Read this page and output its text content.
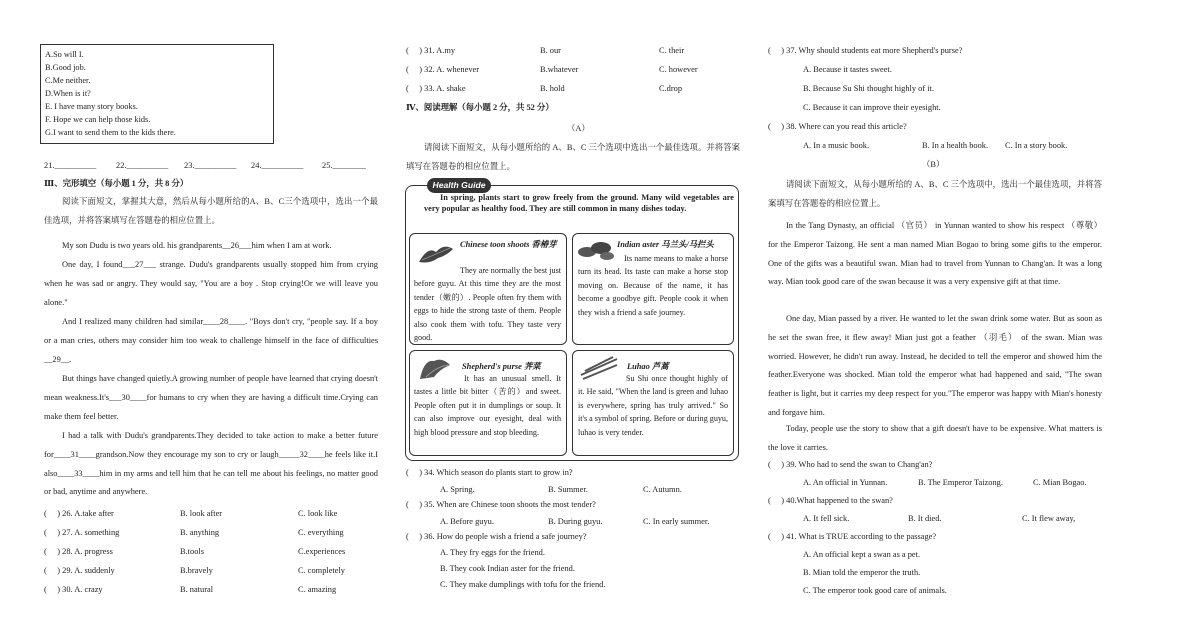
A.So will I.
B.Good job.
C.Me neither.
D.When is it?
E. I have many story books.
F. Hope we can help those kids.
G.I want to send them to the kids there.
21.__________ 22.__________ 23.__________ 24.__________ 25.________
Ⅲ、完形填空（每小题 1 分，共 8 分）
阅读下面短文，掌握其大意，然后从每小题所给的A、B、C三个选项中，选出一个最佳选项，并将答案填写在答题卷的相应位置上。
My son Dudu is two years old. his grandparents__26___him when I am at work.
One day, I found___27___ strange. Dudu's grandparents usually stopped him from crying when he was sad or angry. They would say, "You are a boy . Stop crying!Or we will leave you alone."
And I realized many children had similar____28____. "Boys don't cry, "people say. If a boy or a man cries, others may consider him too weak to challenge himself in the face of difficulties __29__.
But things have changed quietly.A growing number of people have learned that crying doesn't mean weakness.It's___30____for humans to cry when they are having a difficult time.Crying can make them feel better.
I had a talk with Dudu's grandparents.They decided to take action to make a better future for____31____grandson.Now they encourage my son to cry or laugh_____32____he feels like it.I also____33____him in my arms and tell him that he can tell me about his feelings, no matter good or bad, anytime and anywhere.
(　 ) 26. A.take after	B. look after	C. look like
(　 ) 27. A. something	B. anything	C. everything
(　 ) 28. A. progress	B.tools	C.experiences
(　 ) 29. A. suddenly	B.bravely	C. completely
(　 ) 30. A. crazy	B. natural	C. amazing
(　 ) 31. A.my	B. our	C. their
(　 ) 32. A. whenever	B.whatever	C. however
(　 ) 33. A. shake	B. hold	C.drop
Ⅳ、阅读理解（每小题 2 分，共 52 分）
（A）
请阅读下面短文，从每小题所给的 A、B、C 三个选项中选出一个最佳选项。并将答案填写在答题卷的相应位置上。
Health Guide
In spring, plants start to grow freely from the ground. Many wild vegetables are very popular as healthy food. They are still common in many dishes today.
Chinese toon shoots 香椿芽
They are normally the best just before guyu. At this time they are the most tender（嫩的）. People often fry them with eggs to hide the strong taste of them. People also cook them with tofu. They taste very good.
Indian aster 马兰头/马拦头
Its name means to make a horse turn its head. Its taste can make a horse stop moving on. Because of the name, it has become a goodbye gift. People cook it when they wish a friend a safe journey.
Shepherd's purse 荠菜
It has an unusual smell. It tastes a little bit bitter（苦的）and sweet. People often put it in dumplings or soup. It can also improve our eyesight, deal with high blood pressure and stop bleeding.
Luhao 芦蒿
Su Shi once thought highly of it. He said, "When the land is green and luhao is everywhere, spring has truly arrived." So it's a symbol of spring. Before or during guyu, luhao is very tender.
(　 ) 34. Which season do plants start to grow in?
A. Spring.	B. Summer.	C. Autumn.
(　 ) 35. When are Chinese toon shoots the most tender?
A. Before guyu.	B. During guyu.	C. In early summer.
(　 ) 36. How do people wish a friend a safe journey?
A. They fry eggs for the friend.
B. They cook Indian aster for the friend.
C. They make dumplings with tofu for the friend.
(　 ) 37. Why should students eat more Shepherd's purse?
A. Because it tastes sweet.
B. Because Su Shi thought highly of it.
C. Because it can improve their eyesight.
(　 ) 38. Where can you read this article?
A. In a music book.	B. In a health book. C. In a story book.
（B）
请阅读下面短文，从每小题所给的 A、B、C 三个选项中，选出一个最佳选项，并将答案填写在答题卷的相应位置上。
In the Tang Dynasty, an official （官员） in Yunnan wanted to show his respect （尊敬） for the Emperor Taizong. He sent a man named Mian Bogao to bring some gifts to the emperor. One of the gifts was a beautiful swan. Mian had to travel from Yunnan to Chang'an. It was a long way. Mian took good care of the swan because it was a very expensive gift at that time.
One day, Mian passed by a river. He wanted to let the swan drink some water. But as soon as he set the swan free, it flew away! Mian just got a feather （羽毛） of the swan. Mian was worried. However, he didn't run away. Instead, he decided to tell the emperor and showed him the feather.Everyone was shocked. Mian told the emperor what had happened and said, "The swan feather is light, but it carries my deep respect for you."The emperor was happy with Mian's honesty and forgave him.
Today, people use the story to show that a gift doesn't have to be expensive. What matters is the love it carries.
(　 ) 39. Who had to send the swan to Chang'an?
A. An official in Yunnan.	B. The Emperor Taizong.	C. Mian Bogao.
(　 ) 40.What happened to the swan?
A. It fell sick.	B. It died.	C. It flew away,
(　 ) 41. What is TRUE according to the passage?
A. An official kept a swan as a pet.
B. Mian told the emperor the truth.
C. The emperor took good care of animals.
